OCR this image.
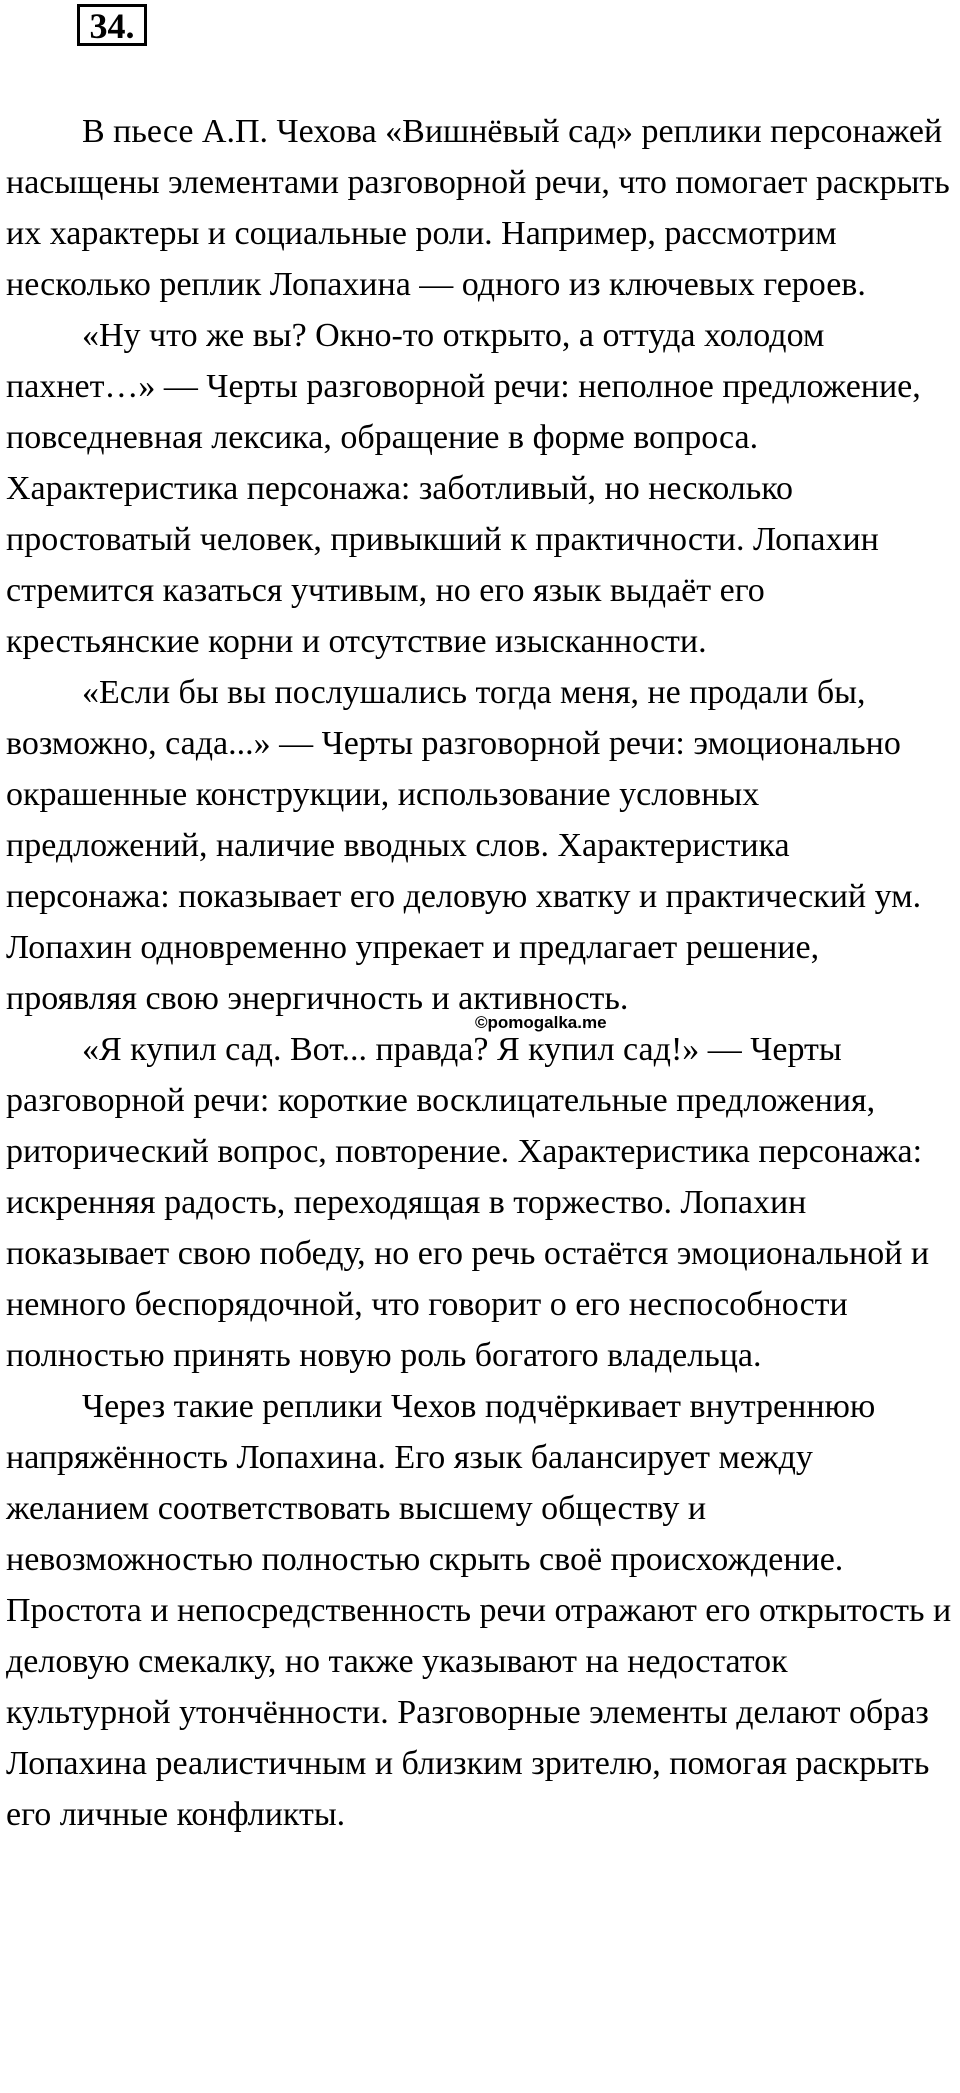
34.

В пьесе А.П. Чехова «Вишнёвый сад» реплики персонажей насыщены элементами разговорной речи, что помогает раскрыть их характеры и социальные роли. Например, рассмотрим несколько реплик Лопахина — одного из ключевых героев.

«Ну что же вы? Окно-то открыто, а оттуда холодом пахнет…» — Черты разговорной речи: неполное предложение, повседневная лексика, обращение в форме вопроса. Характеристика персонажа: заботливый, но несколько простоватый человек, привыкший к практичности. Лопахин стремится казаться учтивым, но его язык выдаёт его крестьянские корни и отсутствие изысканности.

«Если бы вы послушались тогда меня, не продали бы, возможно, сада...» — Черты разговорной речи: эмоционально окрашенные конструкции, использование условных предложений, наличие вводных слов. Характеристика персонажа: показывает его деловую хватку и практический ум. Лопахин одновременно упрекает и предлагает решение, проявляя свою энергичность и активность.

«Я купил сад. Вот... правда? Я купил сад!» — Черты разговорной речи: короткие восклицательные предложения, риторический вопрос, повторение. Характеристика персонажа: искренняя радость, переходящая в торжество. Лопахин показывает свою победу, но его речь остаётся эмоциональной и немного беспорядочной, что говорит о его неспособности полностью принять новую роль богатого владельца.

Через такие реплики Чехов подчёркивает внутреннюю напряжённость Лопахина. Его язык балансирует между желанием соответствовать высшему обществу и невозможностью полностью скрыть своё происхождение. Простота и непосредственность речи отражают его открытость и деловую смекалку, но также указывают на недостаток культурной утончённости. Разговорные элементы делают образ Лопахина реалистичным и близким зрителю, помогая раскрыть его личные конфликты.

©pomogalka.me
